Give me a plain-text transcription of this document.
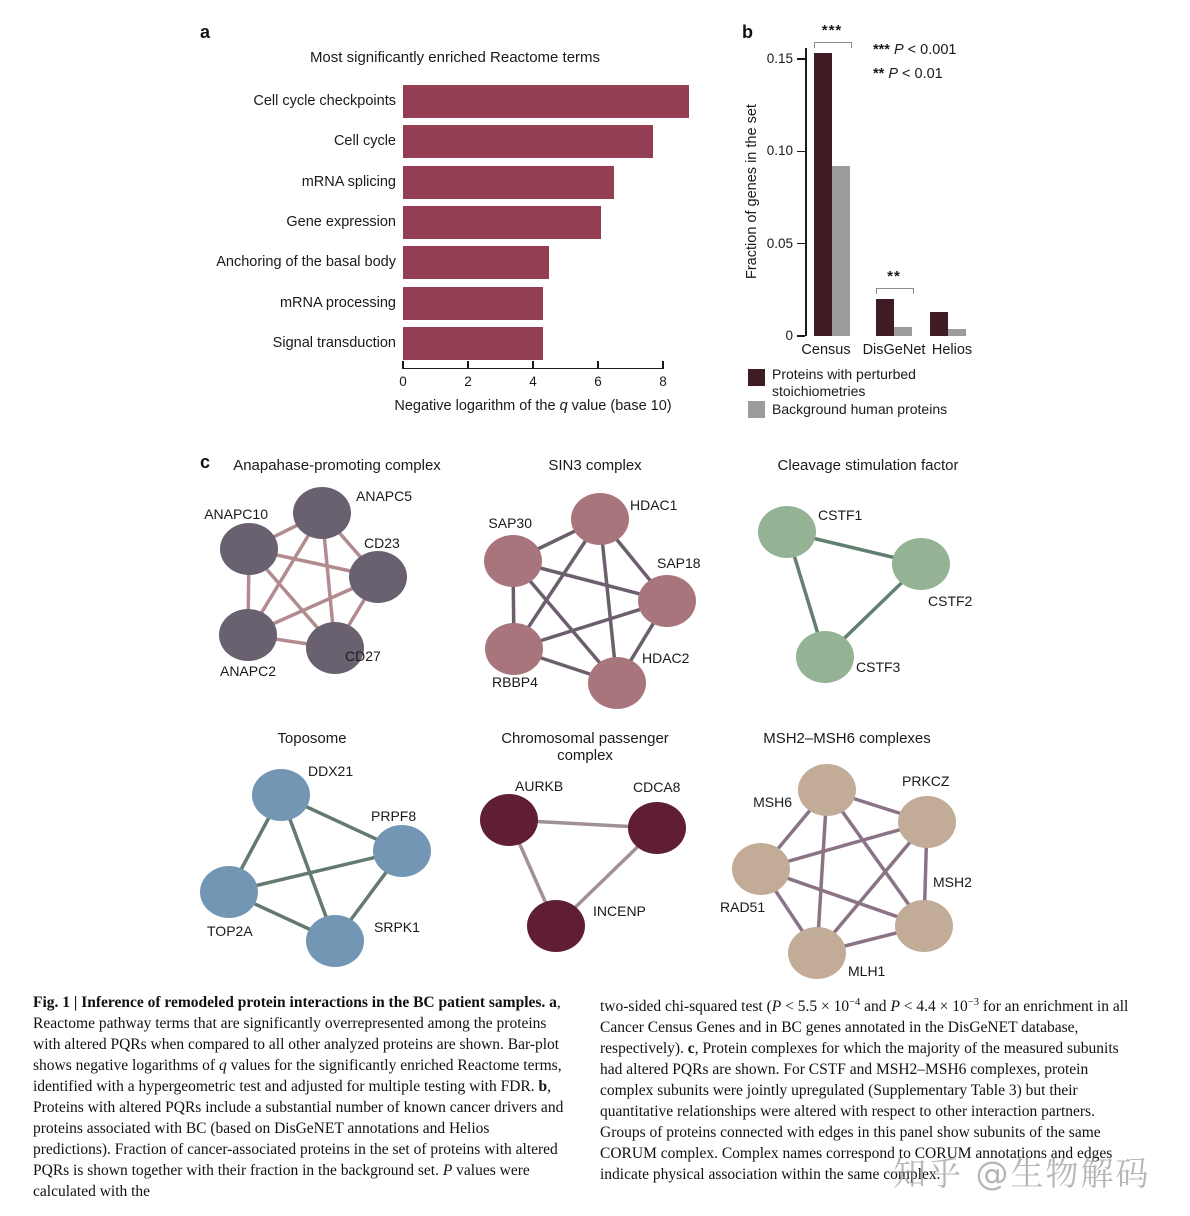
ANAPC5
ANAPC10
CD23
ANAPC2
CD27
HDAC1
SAP30
SAP18
RBBP4
HDAC2
CSTF1
CSTF2
CSTF3
DDX21
PRPF8
TOP2A	SRPK1
AURKB	CDCA8
INCENP
MSH6
PRKCZ
RAD51
MSH2
MLH1
a
Most significantly enriched Reactome terms
0	2	4	6	8
Negative logarithm of the q value (base 10)
b
Fraction of genes in the set
0
0.05
0.10
0.15
Census DisGeNet Helios
***
**
*** P < 0.001
** P < 0.01
Proteins with perturbed stoichiometries
Background human proteins
c	Anapahase-promoting complex	SIN3 complex	Cleavage stimulation factor
Toposome	Chromosomal passenger
complex
MSH2–MSH6 complexes
Fig. 1 | Inference of remodeled protein interactions in the BC patient samples. a, Reactome pathway terms that are significantly overrepresented among the proteins with altered PQRs when compared to all other analyzed proteins are shown. Bar-plot shows negative logarithms of q values for the significantly enriched Reactome terms, identified with a hypergeometric test and adjusted for multiple testing with FDR. b, Proteins with altered PQRs include a substantial number of known cancer drivers and proteins associated with BC (based on DisGeNET annotations and Helios predictions). Fraction of cancer-associated proteins in the set of proteins with altered PQRs is shown together with their fraction in the background set. P values were calculated with the
two-sided chi-squared test ($P < 5.5 \times 10^{-4}$ and $P < 4.4 \times 10^{-3}$ for an enrichment in all Cancer Census Genes and in BC genes annotated in the DisGeNET database, respectively). c, Protein complexes for which the majority of the measured subunits had altered PQRs are shown. For CSTF and MSH2–MSH6 complexes, protein complex subunits were jointly upregulated (Supplementary Table 3) but their quantitative relationships were altered with respect to other interaction partners. Groups of proteins connected with edges in this panel show subunits of the same CORUM complex. Complex names correspond to CORUM annotations and edges indicate physical association within the same complex.
知乎 @生物解码
Cell cycle checkpoints
Cell cycle
mRNA splicing
Gene expression
Anchoring of the basal body
mRNA processing
Signal transduction
